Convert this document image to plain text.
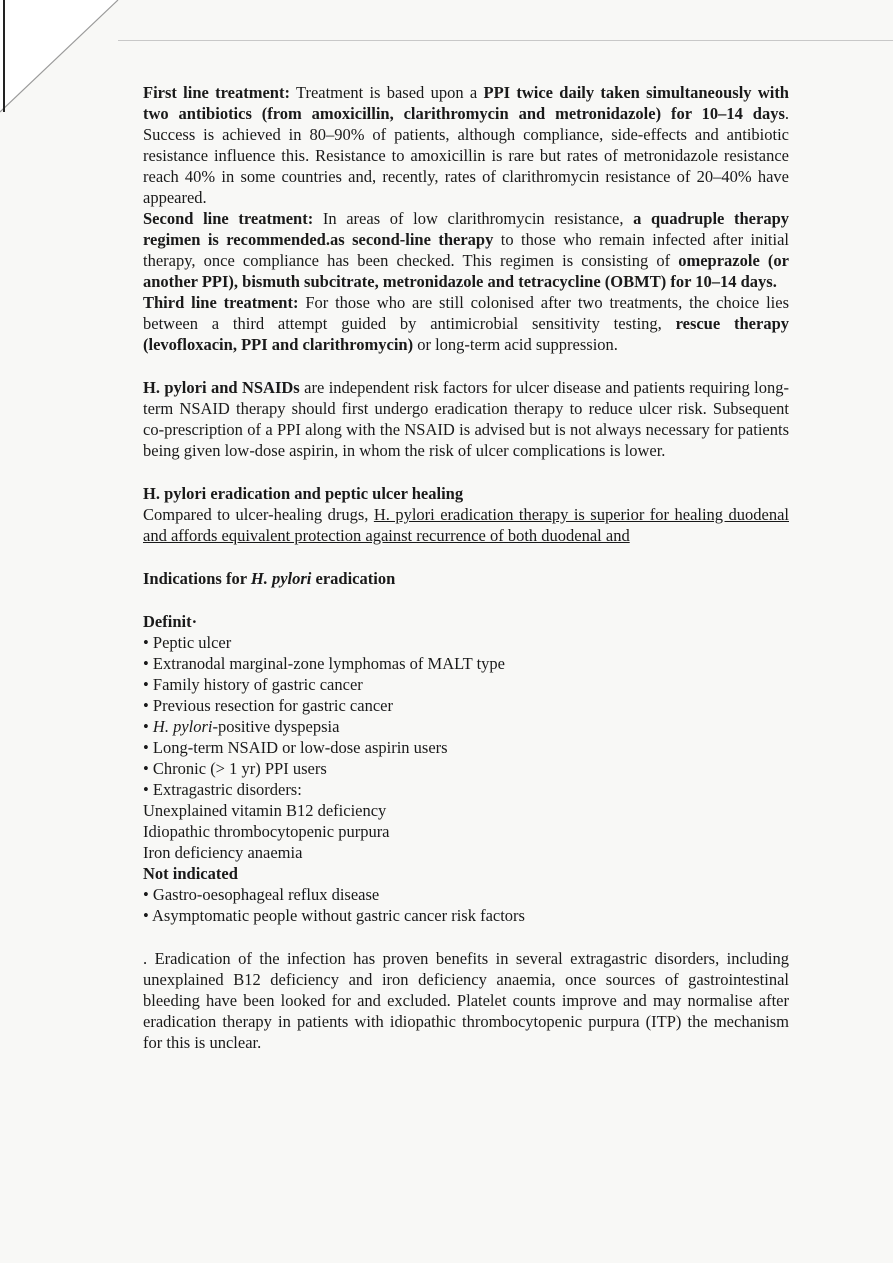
First line treatment: Treatment is based upon a PPI twice daily taken simultaneously with two antibiotics (from amoxicillin, clarithromycin and metronidazole) for 10–14 days. Success is achieved in 80–90% of patients, although compliance, side-effects and antibiotic resistance influence this. Resistance to amoxicillin is rare but rates of metronidazole resistance reach 40% in some countries and, recently, rates of clarithromycin resistance of 20–40% have appeared.

Second line treatment: In areas of low clarithromycin resistance, a quadruple therapy regimen is recommended.as second-line therapy to those who remain infected after initial therapy, once compliance has been checked. This regimen is consisting of omeprazole (or another PPI), bismuth subcitrate, metronidazole and tetracycline (OBMT) for 10–14 days.

Third line treatment: For those who are still colonised after two treatments, the choice lies between a third attempt guided by antimicrobial sensitivity testing, rescue therapy (levofloxacin, PPI and clarithromycin) or long-term acid suppression.

H. pylori and NSAIDs are independent risk factors for ulcer disease and patients requiring long-term NSAID therapy should first undergo eradication therapy to reduce ulcer risk. Subsequent co-prescription of a PPI along with the NSAID is advised but is not always necessary for patients being given low-dose aspirin, in whom the risk of ulcer complications is lower.

H. pylori eradication and peptic ulcer healing

Compared to ulcer-healing drugs, H. pylori eradication therapy is superior for healing duodenal and affords equivalent protection against recurrence of both duodenal and

Indications for H. pylori eradication

Definit·

• Peptic ulcer
• Extranodal marginal-zone lymphomas of MALT type
• Family history of gastric cancer
• Previous resection for gastric cancer
• H. pylori-positive dyspepsia
• Long-term NSAID or low-dose aspirin users
• Chronic (> 1 yr) PPI users
• Extragastric disorders:

Unexplained vitamin B12 deficiency

Idiopathic thrombocytopenic purpura

Iron deficiency anaemia

Not indicated

• Gastro-oesophageal reflux disease
• Asymptomatic people without gastric cancer risk factors

. Eradication of the infection has proven benefits in several extragastric disorders, including unexplained B12 deficiency and iron deficiency anaemia, once sources of gastrointestinal bleeding have been looked for and excluded. Platelet counts improve and may normalise after eradication therapy in patients with idiopathic thrombocytopenic purpura (ITP) the mechanism for this is unclear.
